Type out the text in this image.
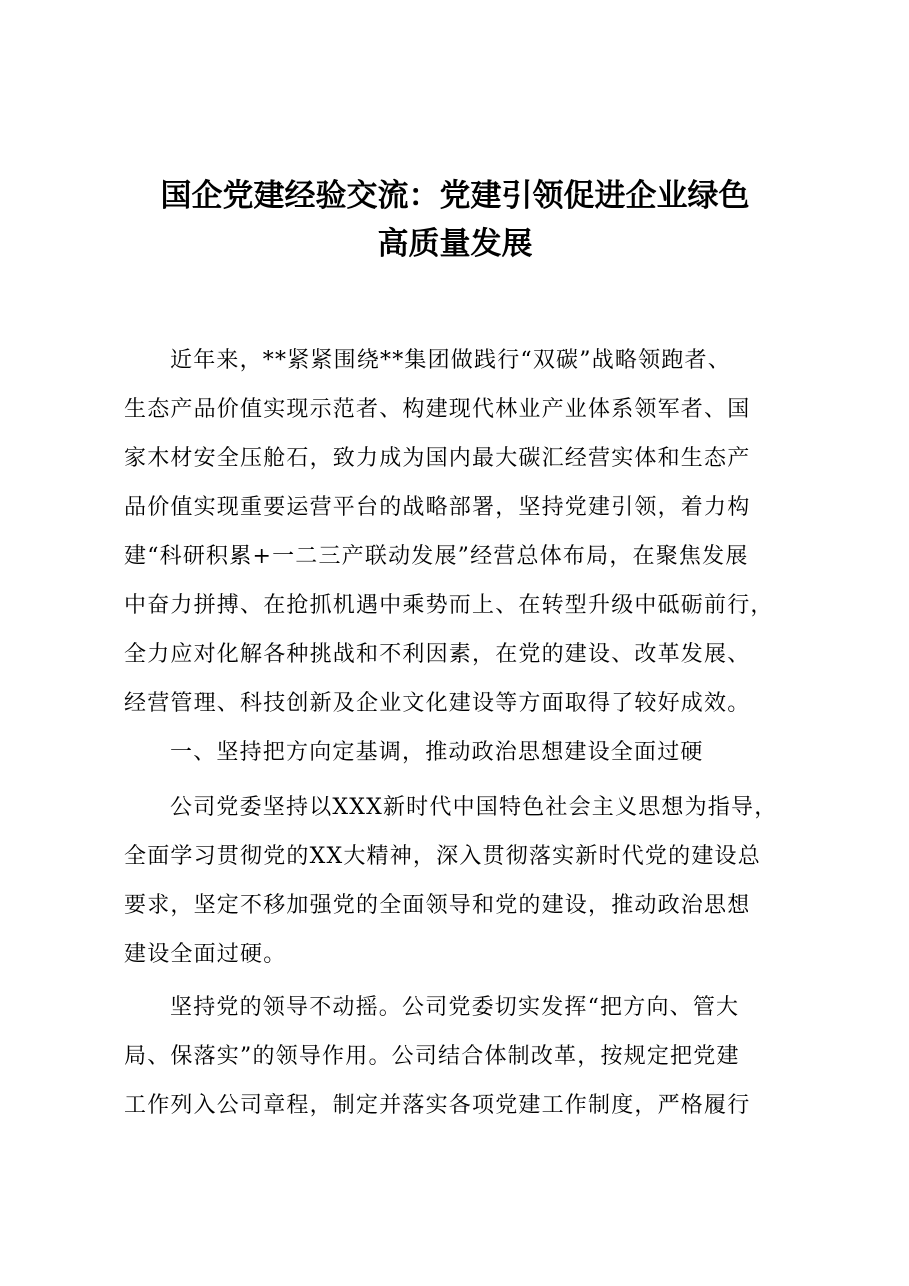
国企党建经验交流：党建引领促进企业绿色
高质量发展

近年来，**紧紧围绕**集团做践行“双碳”战略领跑者、

生态产品价值实现示范者、构建现代林业产业体系领军者、国

家木材安全压舱石，致力成为国内最大碳汇经营实体和生态产

品价值实现重要运营平台的战略部署，坚持党建引领，着力构

建“科研积累+一二三产联动发展”经营总体布局，在聚焦发展

中奋力拼搏、在抢抓机遇中乘势而上、在转型升级中砥砺前行，

全力应对化解各种挑战和不利因素，在党的建设、改革发展、

经营管理、科技创新及企业文化建设等方面取得了较好成效。

一、坚持把方向定基调，推动政治思想建设全面过硬

公司党委坚持以XXX新时代中国特色社会主义思想为指导，

全面学习贯彻党的XX大精神，深入贯彻落实新时代党的建设总

要求，坚定不移加强党的全面领导和党的建设，推动政治思想

建设全面过硬。

坚持党的领导不动摇。公司党委切实发挥“把方向、管大

局、保落实”的领导作用。公司结合体制改革，按规定把党建

工作列入公司章程，制定并落实各项党建工作制度，严格履行
